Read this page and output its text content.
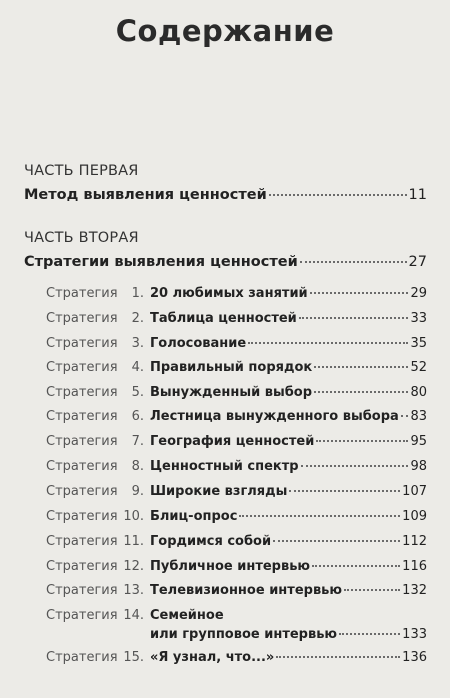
Содержание
ЧАСТЬ ПЕРВАЯ
Метод выявления ценностей	11
ЧАСТЬ ВТОРАЯ
Стратегии выявления ценностей	27
Стратегия	1. 20 любимых занятий	29
Стратегия	2. Таблица ценностей	33
Стратегия	3. Голосование	35
Стратегия	4. Правильный порядок	52
Стратегия	5. Вынужденный выбор	80
Стратегия	6. Лестница вынужденного выбора 83
Стратегия	7. География ценностей	95
Стратегия	8. Ценностный спектр	98
Стратегия	9. Широкие взгляды	107
Стратегия 10. Блиц-опрос	109
Стратегия 11. Гордимся собой	112
Стратегия 12. Публичное интервью	116
Стратегия 13. Телевизионное интервью	132
Стратегия 14. Семейное
или групповое интервью	133
Стратегия 15. «Я узнал, что...»	136
